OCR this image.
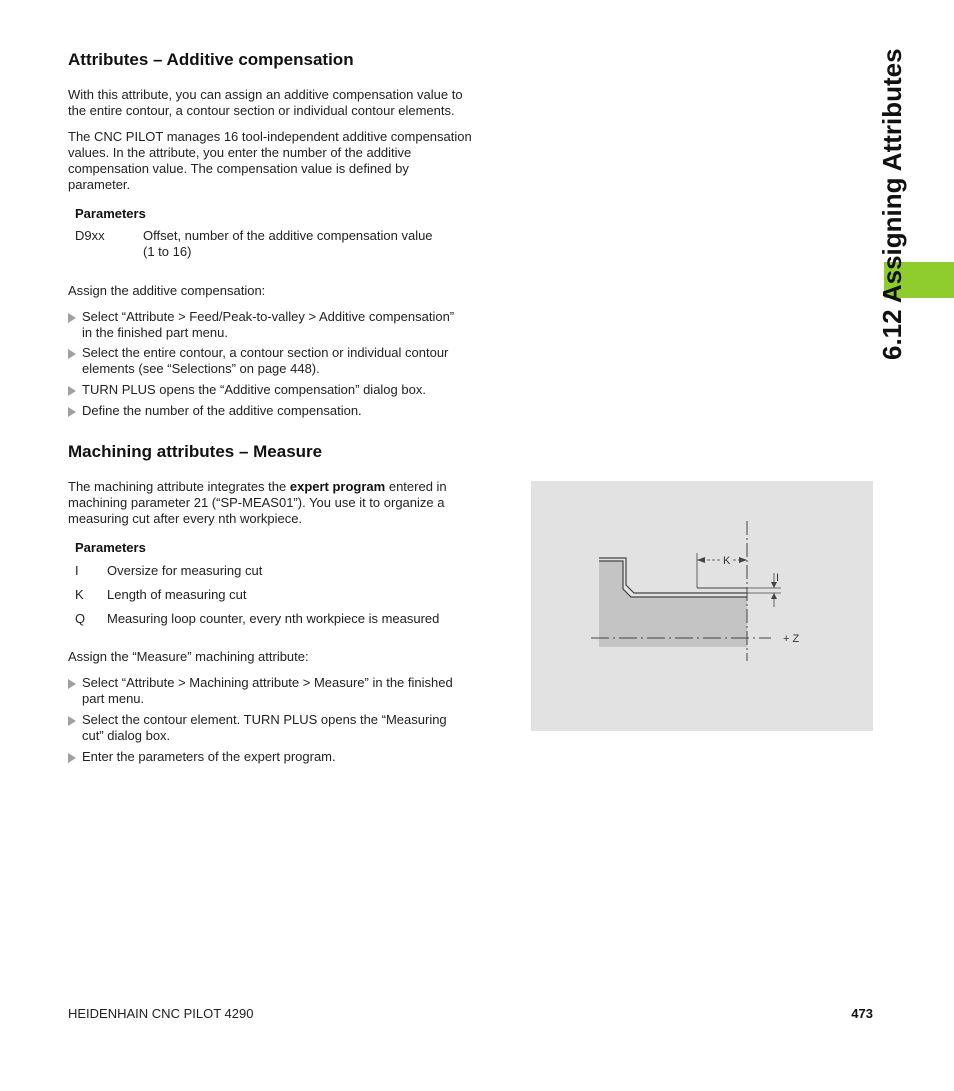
6.12 Assigning Attributes
Attributes – Additive compensation

With this attribute, you can assign an additive compensation value to
the entire contour, a contour section or individual contour elements.

The CNC PILOT manages 16 tool-independent additive compensation
values. In the attribute, you enter the number of the additive
compensation value. The compensation value is defined by
parameter.

Parameters
D9xx	Offset, number of the additive compensation value
(1 to 16)

Assign the additive compensation:

Select “Attribute > Feed/Peak-to-valley > Additive compensation”
in the finished part menu.
Select the entire contour, a contour section or individual contour
elements (see “Selections” on page 448).
TURN PLUS opens the “Additive compensation” dialog box.
Define the number of the additive compensation.
Machining attributes – Measure

The machining attribute integrates the expert program entered in
machining parameter 21 (“SP-MEAS01”). You use it to organize a
measuring cut after every nth workpiece.

Parameters
I Oversize for measuring cut
K Length of measuring cut
Q Measuring loop counter, every nth workpiece is measured

Assign the “Measure” machining attribute:

Select “Attribute > Machining attribute > Measure” in the finished
part menu.
Select the contour element. TURN PLUS opens the “Measuring
cut” dialog box.
Enter the parameters of the expert program.
K
I
+ Z
HEIDENHAIN CNC PILOT 4290	473
